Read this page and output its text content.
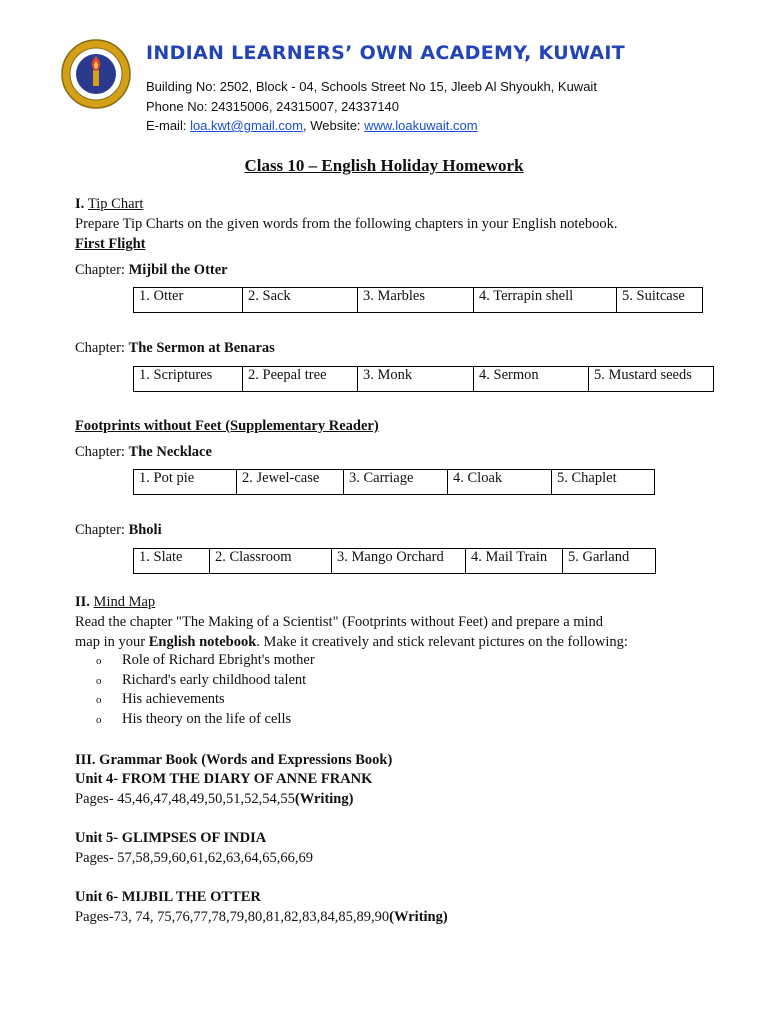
INDIAN LEARNERS’ OWN ACADEMY, KUWAIT
Building No: 2502, Block - 04, Schools Street No 15, Jleeb Al Shyoukh, Kuwait
Phone No: 24315006, 24315007, 24337140
E-mail: loa.kwt@gmail.com, Website: www.loakuwait.com
Class 10 – English Holiday Homework
I. Tip Chart
Prepare Tip Charts on the given words from the following chapters in your English notebook.
First Flight
Chapter: Mijbil the Otter
1. Otter	2. Sack	3. Marbles	4. Terrapin shell	5. Suitcase
Chapter: The Sermon at Benaras
1. Scriptures	2. Peepal tree	3. Monk	4. Sermon	5. Mustard seeds
Footprints without Feet (Supplementary Reader)
Chapter: The Necklace
1. Pot pie	2. Jewel-case	3. Carriage	4. Cloak	5. Chaplet
Chapter: Bholi
1. Slate	2. Classroom	3. Mango Orchard	4. Mail Train	5. Garland
II. Mind Map
Read the chapter "The Making of a Scientist" (Footprints without Feet) and prepare a mind
map in your English notebook. Make it creatively and stick relevant pictures on the following:
o Role of Richard Ebright's mother
o Richard's early childhood talent
o His achievements
o His theory on the life of cells
III. Grammar Book (Words and Expressions Book)
Unit 4- FROM THE DIARY OF ANNE FRANK
Pages- 45,46,47,48,49,50,51,52,54,55(Writing)
Unit 5- GLIMPSES OF INDIA
Pages- 57,58,59,60,61,62,63,64,65,66,69
Unit 6- MIJBIL THE OTTER
Pages-73, 74, 75,76,77,78,79,80,81,82,83,84,85,89,90(Writing)
